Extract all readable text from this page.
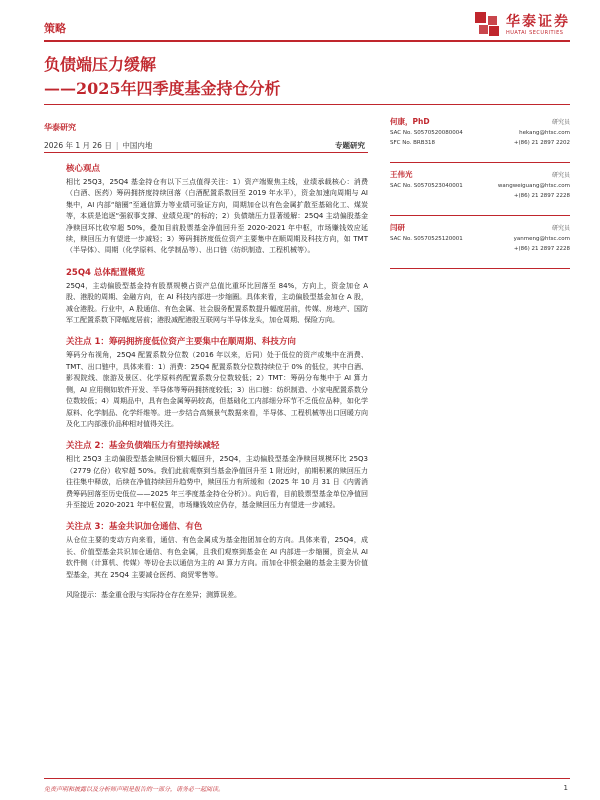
策略	华泰证券
HUATAI SECURITIES
负债端压力缓解
——2025年四季度基金持仓分析
华泰研究
2026 年 1 月 26 日 | 中国内地	专题研究
核心观点
相比 25Q3，25Q4 基金持仓有以下三点值得关注：1）资产端聚焦主线，业绩承载核心：消费（白酒、医药）筹码拥挤度持续回落（白酒配置系数回至 2019 年水平），资金加速向周期与 AI 集中，AI 内部“缩圈”至通信算力等业绩可验证方向，周期加仓以有色金属扩散至基础化工、煤炭等，本质是追逐“强叙事支撑、业绩兑现”的标的；2）负债端压力显著缓解：25Q4 主动偏股基金净赎回环比收窄超 50%，叠加目前股票基金净值回升至 2020-2021 年中枢，市场赚钱效应延续，赎回压力有望进一步减轻；3）筹码拥挤度低位资产主要集中在顺周期及科技方向，如 TMT（半导体）、周期（化学原料、化学制品等）、出口链（纺织制造、工程机械等）。
25Q4 总体配置概览
25Q4，主动偏股型基金持有股票规模占资产总值比重环比回落至 84%，方向上，资金加仓 A 股、港股的周期、金融方向，在 AI 科技内部进一步缩圈。具体来看，主动偏股型基金加仓 A 股，减仓港股。行业中，A 股通信、有色金属、社会服务配置系数提升幅度居前，传媒、房地产、国防军工配置系数下降幅度居前；港股减配港股互联网与半导体龙头，加仓周期、保险方向。
关注点 1：筹码拥挤度低位资产主要集中在顺周期、科技方向
筹码分布视角，25Q4 配置系数分位数（2016 年以来，后同）处于低位的资产或集中在消费、TMT、出口链中，具体来看：1）消费：25Q4 配置系数分位数持续位于 0% 的低位，其中白酒、影视院线、旅游及景区、化学原料药配置系数分位数较低；2）TMT：筹码分布集中于 AI 算力侧，AI 应用侧如软件开发、半导体等筹码拥挤度较低；3）出口链：纺织制造、小家电配置系数分位数较低；4）周期品中，具有色金属筹码较高，但基础化工内部细分环节不乏低位品种，如化学原料、化学制品、化学纤维等。进一步结合高频景气数据来看，半导体、工程机械等出口回暖方向及化工内部涨价品种相对值得关注。
关注点 2：基金负债端压力有望持续减轻
相比 25Q3 主动偏股型基金赎回份额大幅回升，25Q4，主动偏股型基金净赎回规模环比 25Q3（2779 亿份）收窄超 50%。我们此前观察到当基金净值回升至 1 附近时，前期积累的赎回压力往往集中释放，后续在净值持续回升趋势中，赎回压力有所缓和（2025 年 10 月 31 日《内需消费筹码回落至历史低位——2025 年三季度基金持仓分析》）。向后看，目前股票型基金单位净值回升至接近 2020-2021 年中枢位置，市场赚钱效应仍存，基金赎回压力有望进一步减轻。
关注点 3：基金共识加仓通信、有色
从仓位主要的变动方向来看，通信、有色金属成为基金抱团加仓的方向。具体来看，25Q4，成长、价值型基金共识加仓通信、有色金属，且我们观察到基金在 AI 内部进一步缩圈，资金从 AI 软件侧（计算机、传媒）等切仓去以通信为主的 AI 算力方向。而加仓非银金融的基金主要为价值型基金，其在 25Q4 主要减仓医药、商贸零售等。
风险提示：基金重仓股与实际持仓存在差异；测算误差。
何康，PhD	研究员
SAC No. S0570520080004	hekang@htsc.com
SFC No. BRB318	+(86) 21 2897 2202
王伟光	研究员
SAC No. S0570523040001	wangweiguang@htsc.com
+(86) 21 2897 2228
闫研	研究员
SAC No. S0570525120001	yanmeng@htsc.com
+(86) 21 2897 2228
免责声明和披露以及分析师声明是报告的一部分，请务必一起阅读。	1
